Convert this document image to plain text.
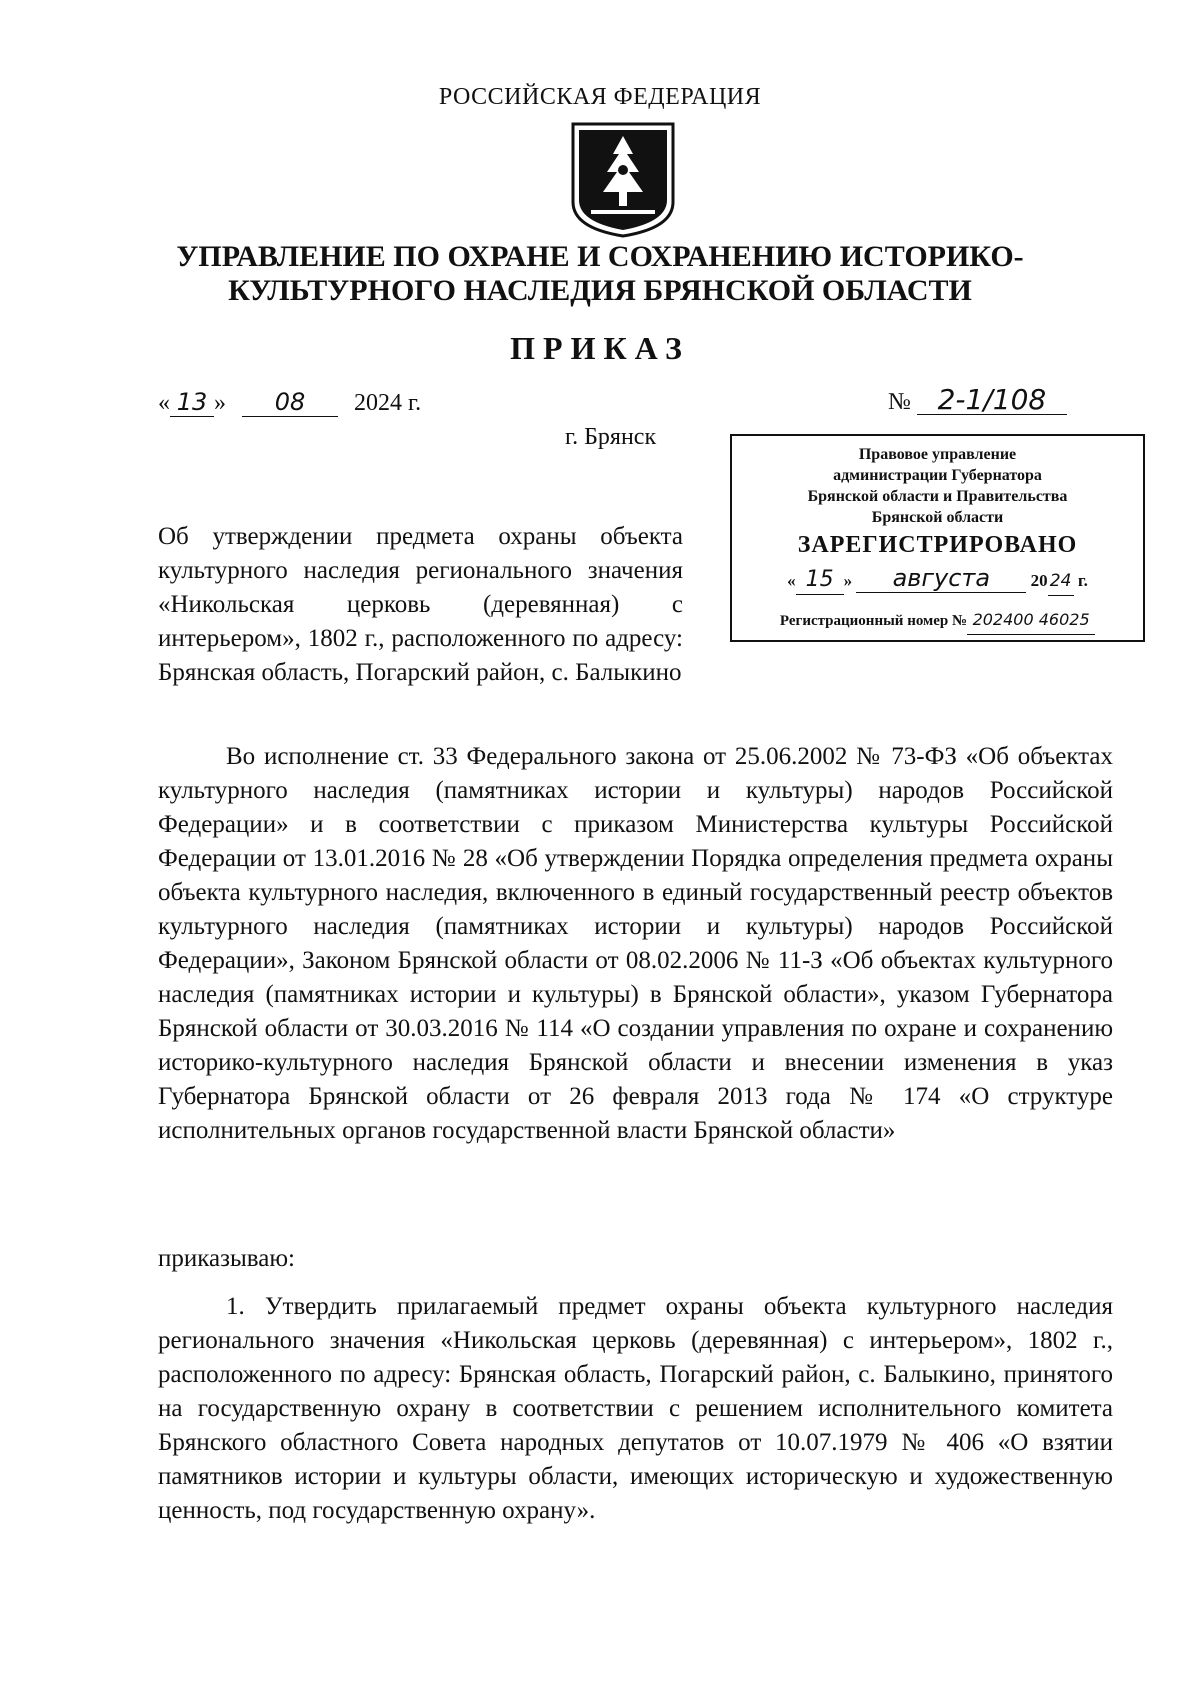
РОССИЙСКАЯ ФЕДЕРАЦИЯ
УПРАВЛЕНИЕ ПО ОХРАНЕ И СОХРАНЕНИЮ ИСТОРИКО-
КУЛЬТУРНОГО НАСЛЕДИЯ БРЯНСКОЙ ОБЛАСТИ
ПРИКАЗ
« 13 » 08 2024 г.	№ 2-1/108
г. Брянск
Правовое управление
администрации Губернатора
Брянской области и Правительства
Брянской области
ЗАРЕГИСТРИРОВАНО
« 15 » августа 20 24 г.
Регистрационный номер № 202400 46025
Об утверждении предмета охраны объекта культурного наследия регионального значения «Никольская церковь (деревянная) с интерьером», 1802 г., расположенного по адресу: Брянская область, Погарский район, с. Балыкино
Во исполнение ст. 33 Федерального закона от 25.06.2002 № 73-ФЗ «Об объектах культурного наследия (памятниках истории и культуры) народов Российской Федерации» и в соответствии с приказом Министерства культуры Российской Федерации от 13.01.2016 № 28 «Об утверждении Порядка определения предмета охраны объекта культурного наследия, включенного в единый государственный реестр объектов культурного наследия (памятниках истории и культуры) народов Российской Федерации», Законом Брянской области от 08.02.2006 № 11-З «Об объектах культурного наследия (памятниках истории и культуры) в Брянской области», указом Губернатора Брянской области от 30.03.2016 № 114 «О создании управления по охране и сохранению историко-культурного наследия Брянской области и внесении изменения в указ Губернатора Брянской области от 26 февраля 2013 года № 174 «О структуре исполнительных органов государственной власти Брянской области»
приказываю:
1. Утвердить прилагаемый предмет охраны объекта культурного наследия регионального значения «Никольская церковь (деревянная) с интерьером», 1802 г., расположенного по адресу: Брянская область, Погарский район, с. Балыкино, принятого на государственную охрану в соответствии с решением исполнительного комитета Брянского областного Совета народных депутатов от 10.07.1979 № 406 «О взятии памятников истории и культуры области, имеющих историческую и художественную ценность, под государственную охрану».
